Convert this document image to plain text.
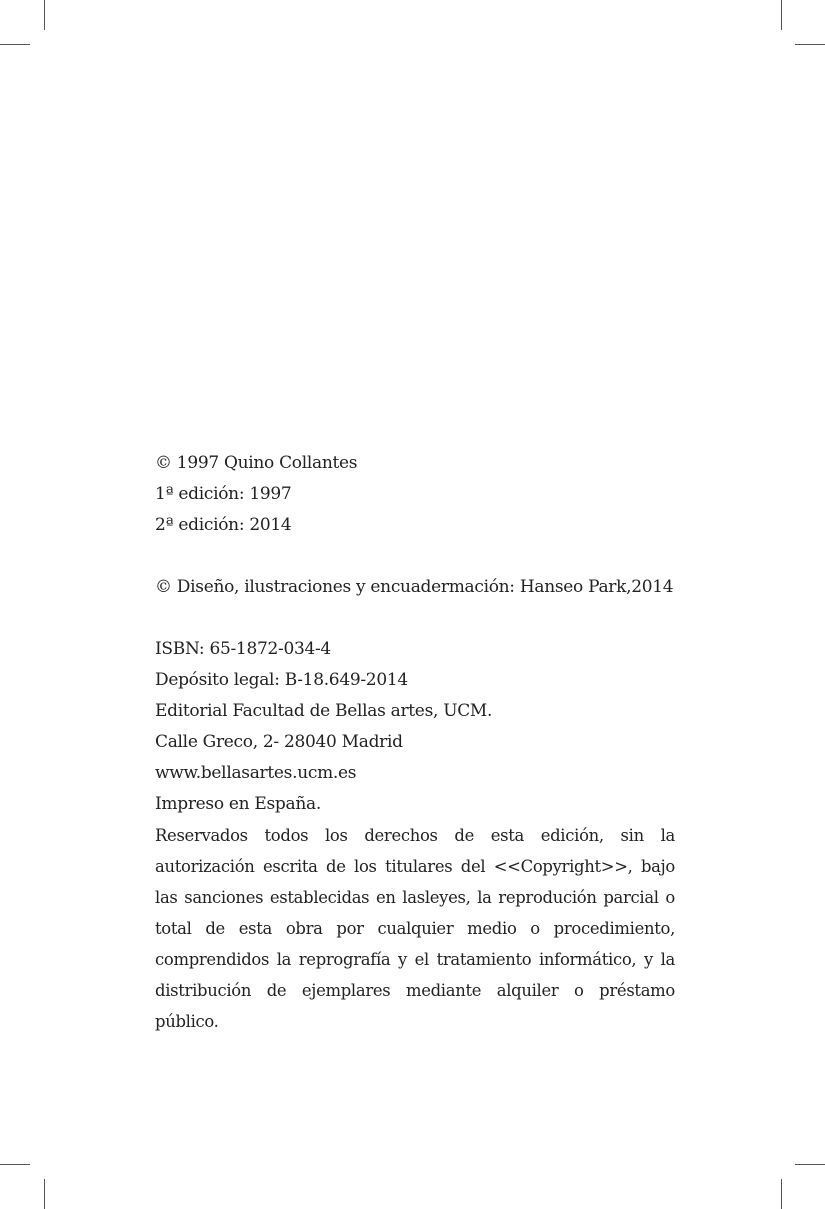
© 1997 Quino Collantes
1ª edición: 1997
2ª edición: 2014
© Diseño, ilustraciones y encuadermación: Hanseo Park,2014
ISBN: 65-1872-034-4
Depósito legal: B-18.649-2014
Editorial Facultad de Bellas artes, UCM.
Calle Greco, 2- 28040 Madrid
www.bellasartes.ucm.es
Impreso en España.
Reservados todos los derechos de esta edición, sin la autorización escrita de los titulares del <<Copyright>>, bajo las sanciones establecidas en lasleyes, la reprodución parcial o total de esta obra por cualquier medio o procedimiento, comprendidos la reprografía y el tratamiento informático, y la distribución de ejemplares mediante alquiler o préstamo público.
